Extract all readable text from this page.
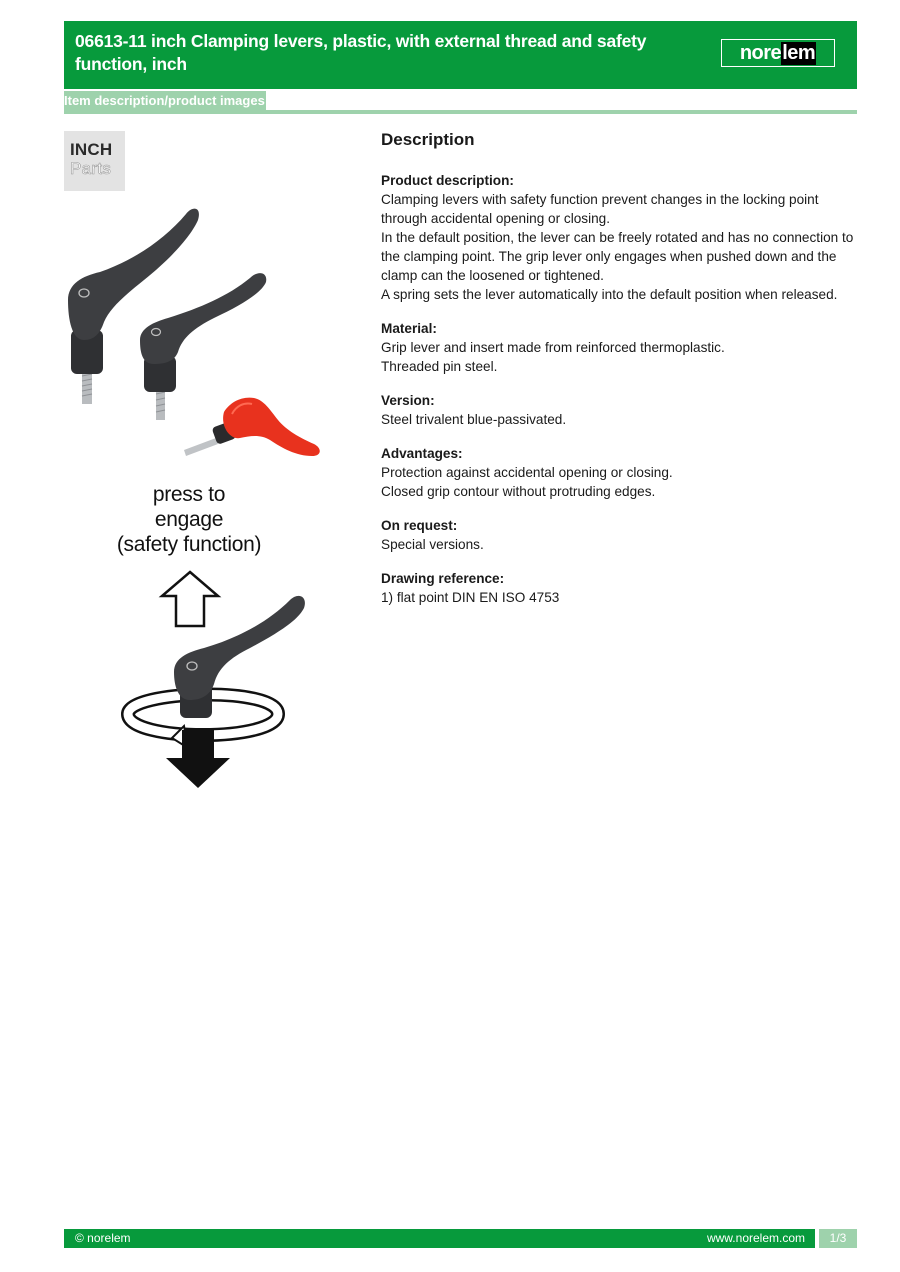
06613-11 inch Clamping levers, plastic, with external thread and safety function, inch
nore lem
Item description/product images
INCH
Parts
press to
engage
(safety function)
Description
Product description:

Clamping levers with safety function prevent changes in the locking point through accidental opening or closing.

In the default position, the lever can be freely rotated and has no connection to the clamping point. The grip lever only engages when pushed down and the clamp can the loosened or tightened.

A spring sets the lever automatically into the default position when released.

Material:

Grip lever and insert made from reinforced thermoplastic.

Threaded pin steel.

Version:

Steel trivalent blue-passivated.

Advantages:

Protection against accidental opening or closing.

Closed grip contour without protruding edges.

On request:

Special versions.

Drawing reference:

1) flat point DIN EN ISO 4753

© norelem	www.norelem.com	1/3
